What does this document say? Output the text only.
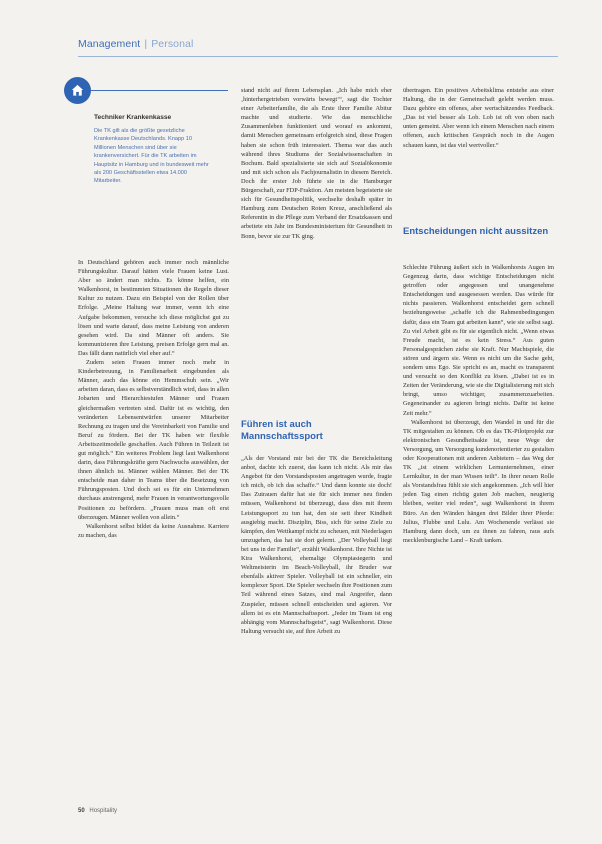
Management | Personal
Techniker Krankenkasse
Die TK gilt als die größte gesetzliche Krankenkasse Deutschlands. Knapp 10 Millionen Menschen sind über sie krankenversichert. Für die TK arbeiten im Hauptsitz in Hamburg und in bundesweit mehr als 200 Geschäftsstellen etwa 14.000 Mitarbeiter.

In Deutschland gehören auch immer noch männliche Führungskultur. Darauf hätten viele Frauen keine Lust. Aber so ändert man nichts. Es könne helfen, ein Walkenhorst, in bestimmten Situationen die Regeln dieser Kultur zu nutzen. Dazu ein Beispiel von der Rollen über Erfolge. „Meine Haltung war immer, wenn ich eine Aufgabe bekommen, versuche ich diese möglichst gut zu lösen und warte darauf, dass meine Leistung von anderen gesehen wird. Da sind Männer oft anders. Sie kommunizieren ihre Leistung, preisen Erfolge gern mal an. Das fällt dann natürlich viel eher auf.“

Zudem seien Frauen immer noch mehr in Kinderbetreuung, in Familienarbeit eingebunden als Männer, auch das könne ein Hemmschuh sein. „Wir arbeiten daran, dass es selbstverständlich wird, dass in allen Jobarten und Hierarchiestufen Männer und Frauen gleichermaßen vertreten sind. Dafür ist es wichtig, den veränderten Lebensentwürfen unserer Mitarbeiter Rechnung zu tragen und die Vereinbarkeit von Familie und Beruf zu fördern. Bei der TK haben wir flexible Arbeitszeitmodelle geschaffen. Auch Führen in Teilzeit ist gut möglich.“ Ein weiteres Problem liegt laut Walkenhorst darin, dass Führungskräfte gern Nachwuchs auswählen, der ihnen ähnlich ist. Männer wählen Männer. Bei der TK entscheide man daher in Teams über die Besetzung von Führungsposten. Und doch sei es für ein Unternehmen durchaus anstrengend, mehr Frauen in verantwortungsvolle Positionen zu befördern. „Frauen muss man oft erst überzeugen. Männer wollen von allein.“

Walkenhorst selbst bildet da keine Ausnahme. Karriere zu machen, das

stand nicht auf ihrem Lebensplan. „Ich habe mich eher ‚hinterhergetrieben vorwärts bewegt‘“, sagt die Tochter einer Arbeiterfamilie, die als Erste ihrer Familie Abitur machte und studierte. Wie das menschliche Zusammenleben funktioniert und worauf es ankommt, damit Menschen gemeinsam erfolgreich sind, diese Fragen haben sie schon früh interessiert. Thema war das auch während ihres Studiums der Sozialwissenschaften in Bochum. Bald spezialisierte sie sich auf Sozialökonomie und mit sich schon als Fachjournalistin in diesem Bereich. Doch ihr erster Job führte sie in die Hamburger Bürgerschaft, zur FDP-Fraktion. Am meisten begeisterte sie sich für Gesundheitspolitik, wechselte deshalb später in Hamburg zum Deutschen Roten Kreuz, anschließend als Referentin in die Pflege zum Verband der Ersatzkassen und arbeitete ein Jahr im Bundesministerium für Gesundheit in Bonn, bevor sie zur TK ging.

Führen ist auch Mannschaftssport

„Als der Vorstand mir bei der TK die Bereichsleitung anbot, dachte ich zuerst, das kann ich nicht. Als mir das Angebot für den Vorstandsposten angetragen wurde, fragte ich mich, ob ich das schaffe.“ Und dann konnte sie doch! Das Zutrauen dafür hat sie für sich immer neu finden müssen, Walkenhorst ist überzeugt, dass dies mit ihrem Leistungssport zu tun hat, den sie seit ihrer Kindheit ausgiebig macht. Disziplin, Biss, sich für seine Ziele zu kämpfen, den Wettkampf nicht zu scheuen, mit Niederlagen umzugehen, das hat sie dort gelernt. „Der Volleyball liegt bei uns in der Familie“, erzählt Walkenhorst. Ihre Nichte ist Kira Walkenhorst, ehemalige Olympiasiegerin und Weltmeisterin im Beach-Volleyball, ihr Bruder war ebenfalls aktiver Spieler. Volleyball ist ein schneller, ein komplexer Sport. Die Spieler wechseln ihre Positionen zum Teil während eines Satzes, sind mal Angreifer, dann Zuspieler, müssen schnell entscheiden und agieren. Vor allem ist es ein Mannschaftssport. „Jeder im Team ist eng abhängig vom Mannschaftsgeist“, sagt Walkenhorst. Diese Haltung versucht sie, auf ihre Arbeit zu

übertragen. Ein positives Arbeitsklima entstehe aus einer Haltung, die in der Gemeinschaft gelebt werden muss. Dazu gehöre ein offenes, aber wertschätzendes Feedback. „Das ist viel besser als Lob. Lob ist oft von oben nach unten gemeint. Aber wenn ich einem Menschen nach einem offenen, auch kritischen Gespräch noch in die Augen schauen kann, ist das viel wertvoller.“

Entscheidungen nicht aussitzen

Schlechte Führung äußert sich in Walkenhorsts Augen im Gegenzug darin, dass wichtige Entscheidungen nicht getroffen oder angegessen und unangenehme Entscheidungen und ausgesessen werden. Das würde für nichts passieren. Walkenhorst entscheidet gern schnell beziehungsweise „schaffe ich die Rahmenbedingungen dafür, dass ein Team gut arbeiten kann“, wie sie selbst sagt. Zu viel Arbeit gibt es für sie eigentlich nicht. „Wenn etwas Freude macht, ist es kein Stress.“ Aus guten Personalgesprächen ziehe sie Kraft. Nur Machtspiele, die stören und ärgern sie. Wenn es nicht um die Sache geht, sondern ums Ego. Sie spricht es an, macht es transparent und versucht so den Konflikt zu lösen. „Dabei ist es in Zeiten der Veränderung, wie sie die Digitalisierung mit sich bringt, umso wichtiger, zusammenzuarbeiten. Gegeneinander zu agieren bringt nichts. Dafür ist keine Zeit mehr.“

Walkenhorst ist überzeugt, den Wandel in und für die TK mitgestalten zu können. Ob es das TK-Pilotprojekt zur elektronischen Gesundheitsakte ist, neue Wege der Versorgung, um Versorgung kundenorientierter zu gestalten oder Kooperationen mit anderen Anbietern – das Weg der TK „ist einem wirklichen Lernunternehmen, einer Lernkultur, in der man Wissen teilt“. In ihrer neuen Rolle als Vorstandsfrau fühlt sie sich angekommen. „Ich will hier jeden Tag einen richtig guten Job machen, neugierig bleiben, weiter viel reden“, sagt Walkenhorst in ihrem Büro. An den Wänden hängen drei Bilder ihrer Pferde: Julius, Flubbe und Lulu. Am Wochenende verlässt sie Hamburg dann doch, um zu ihnen zu fahren, raus aufs mecklenburgische Land – Kraft tanken.

50 Hospitality
